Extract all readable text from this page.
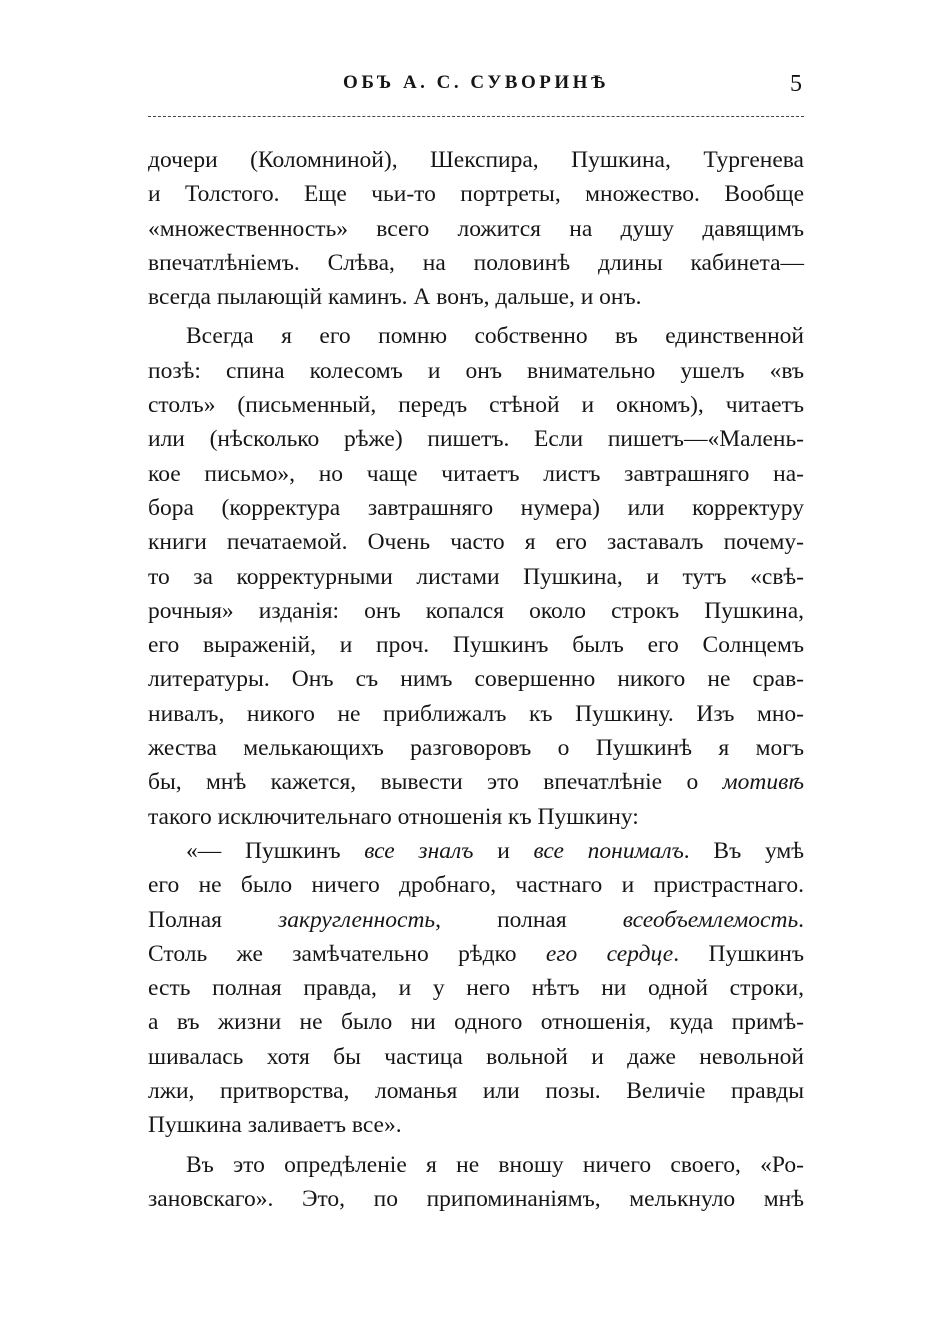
ОБЪ А. С. СУВОРИНѢ	5
дочери (Коломниной), Шекспира, Пушкина, Тургенева
и Толстого. Еще чьи-то портреты, множество. Вообще
«множественность» всего ложится на душу давящимъ
впечатлѣніемъ. Слѣва, на половинѣ длины кабинета—
всегда пылающій каминъ. А вонъ, дальше, и онъ.
Всегда я его помню собственно въ единственной
позѣ: спина колесомъ и онъ внимательно ушелъ «въ
столъ» (письменный, передъ стѣной и окномъ), читаетъ
или (нѣсколько рѣже) пишетъ. Если пишетъ—«Малень-
кое письмо», но чаще читаетъ листъ завтрашняго на-
бора (корректура завтрашняго нумера) или корректуру
книги печатаемой. Очень часто я его заставалъ почему-
то за корректурными листами Пушкина, и тутъ «свѣ-
рочныя» изданія: онъ копался около строкъ Пушкина,
его выраженій, и проч. Пушкинъ былъ его Солнцемъ
литературы. Онъ съ нимъ совершенно никого не срав-
нивалъ, никого не приближалъ къ Пушкину. Изъ мно-
жества мелькающихъ разговоровъ о Пушкинѣ я могъ
бы, мнѣ кажется, вывести это впечатлѣніе о мотивѣ
такого исключительнаго отношенія къ Пушкину:
«— Пушкинъ все зналъ и все понималъ. Въ умѣ
его не было ничего дробнаго, частнаго и пристрастнаго.
Полная закругленность, полная всеобъемлемость.
Столь же замѣчательно рѣдко его сердце. Пушкинъ
есть полная правда, и у него нѣтъ ни одной строки,
а въ жизни не было ни одного отношенія, куда примѣ-
шивалась хотя бы частица вольной и даже невольной
лжи, притворства, ломанья или позы. Величіе правды
Пушкина заливаетъ все».
Въ это опредѣленіе я не вношу ничего своего, «Ро-
зановскаго». Это, по припоминаніямъ, мелькнуло мнѣ
